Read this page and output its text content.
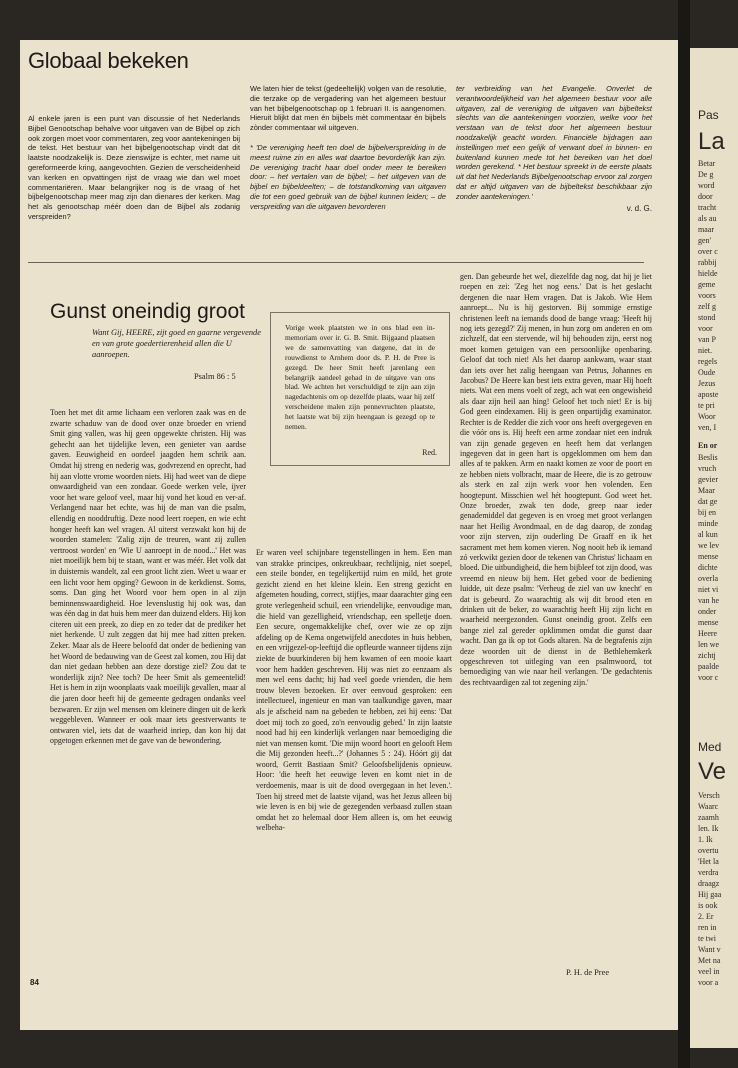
Globaal bekeken
Al enkele jaren is een punt van discussie of het Nederlands Bijbel Genootschap behalve voor uitgaven van de Bijbel op zich ook zorgen moet voor commentaren, zeg voor aantekeningen bij de tekst. Het bestuur van het bijbelgenootschap vindt dat dit laatste noodzakelijk is. Deze zienswijze is echter, met name uit gereformeerde kring, aangevochten. Gezien de verscheidenheid van kerken en opvattingen rijst de vraag wie dan wel moet commentariëren. Maar belangrijker nog is de vraag of het bijbelgenootschap meer mag zijn dan dienares der kerken. Mag het als genootschap méér doen dan de Bijbel als zodanig verspreiden?

We laten hier de tekst (gedeeltelijk) volgen van de resolutie, die terzake op de vergadering van het algemeen bestuur van het bijbelgenootschap op 1 februari II. is aangenomen. Hieruit blijkt dat men én bijbels mèt commentaar én bijbels zònder commentaar wil uitgeven.

* 'De vereniging heeft ten doel de bijbelverspreiding in de meest ruime zin en alles wat daartoe bevorderlijk kan zijn. De vereniging tracht haar doel onder meer te bereiken door: – het vertalen van de bijbel; – het uitgeven van de bijbel en bijbeldeelten; – de totstandkoming van uitgaven die tot een goed gebruik van de bijbel kunnen leiden; – de verspreiding van die uitgaven bevorderen

ter verbreiding van het Evangelie. Onverlet de verantwoordelijkheid van het algemeen bestuur voor alle uitgaven, zal de vereniging de uitgaven van bijbeltekst slechts van die aantekeningen voorzien, welke voor het verstaan van de tekst door het algemeen bestuur noodzakelijk geacht worden. Financiële bijdragen aan instellingen met een gelijk of verwant doel in binnen- en buitenland kunnen mede tot het bereiken van het doel worden gerekend. * Het bestuur spreekt in de eerste plaats uit dat het Nederlands Bijbelgenootschap ervoor zal zorgen dat er altijd uitgaven van de bijbeltekst beschikbaar zijn zonder aantekeningen.'

v. d. G.

Gunst oneindig groot
Want Gij, HEERE, zijt goed en gaarne vergevende en van grote goedertierenheid allen die U aanroepen.
Psalm 86 : 5
Vorige week plaatsten we in ons blad een in-memoriam over ir. G. B. Smit. Bijgaand plaatsen we de samenvatting van datgene, dat in de rouwdienst te Arnhem door ds. P. H. de Pree is gezegd. De heer Smit heeft jarenlang een belangrijk aandeel gehad in de uitgave van ons blad. We achten het verschuldigd te zijn aan zijn nagedachtenis om op dezelfde plaats, waar hij zelf verscheidene malen zijn pennevruchten plaatste, het laatste wat bij zijn heengaan is gezegd op te nemen.
Red.
Toen het met dit arme lichaam een verloren zaak was en de zwarte schaduw van de dood over onze broeder en vriend Smit ging vallen, was hij geen opgewekte christen. Hij was gehecht aan het tijdelijke leven, een genieter van aardse gaven. Eeuwigheid en oordeel jaagden hem schrik aan. Omdat hij streng en nederig was, godvrezend en oprecht, had hij aan vlotte vrome woorden niets. Hij had weet van de diepe onwaardigheid van een zondaar. Goede werken vele, ijver voor het ware geloof veel, maar hij vond het koud en ver-af. Verlangend naar het echte, was hij de man van die psalm, ellendig en nooddruftig. Deze nood leert roepen, en wie echt honger heeft kan wel vragen. Al uiterst verzwakt kon hij de woorden stamelen: 'Zalig zijn de treuren, want zij zullen vertroost worden' en 'Wie U aanroept in de nood...' Het was niet moeilijk hem bij te staan, want er was méér. Het volk dat in duisternis wandelt, zal een groot licht zien. Weet u waar er een licht voor hem opging? Gewoon in de kerkdienst. Soms, soms. Dan ging het Woord voor hem open in al zijn beminnenswaardigheid. Hoe levenslustig hij ook was, dan was één dag in dat huis hem meer dan duizend elders. Hij kon citeren uit een preek, zo diep en zo teder dat de prediker het niet herkende. U zult zeggen dat hij mee had zitten preken. Zeker. Maar als de Heere beloofd dat onder de bediening van het Woord de bedauwing van de Geest zal komen, zou Hij dat dan niet gedaan hebben aan deze dorstige ziel? Zou dat te wonderlijk zijn? Nee toch? De heer Smit als gemeentelid! Het is hem in zijn woonplaats vaak moeilijk gevallen, maar al die jaren door heeft hij de gemeente gedragen ondanks veel bezwaren. Er zijn wel mensen om kleinere dingen uit de kerk weggebleven. Wanneer er ook maar iets geestverwants te ontwaren viel, iets dat de waarheid inriep, dan kon hij dat opgetogen erkennen met de gave van de bewondering.
Er waren veel schijnbare tegenstellingen in hem. Een man van strakke principes, onkreukbaar, rechtlijnig, niet soepel, een steile bonder, en tegelijkertijd ruim en mild, het grote gezicht ziend en het kleine klein. Een streng gezicht en afgemeten houding, correct, stijfjes, maar daarachter ging een grote verlegenheid schuil, een vriendelijke, eenvoudige man, die hield van gezelligheid, vriendschap, een spelletje doen. Een secure, ongemakkelijke chef, over wie ze op zijn afdeling op de Kema ongetwijfeld anecdotes in huis hebben, en een vrijgezel-op-leeftijd die opfleurde wanneer tijdens zijn ziekte de buurkinderen bij hem kwamen of een mooie kaart voor hem hadden geschreven. Hij was niet zo eenzaam als men wel eens dacht; hij had veel goede vrienden, die hem trouw bleven bezoeken. Er over eenvoud gesproken: een intellectueel, ingenieur en man van taalkundige gaven, maar als je afscheid nam na gebeden te hebben, zei hij eens: 'Dat doet mij toch zo goed, zo'n eenvoudig gebed.' In zijn laatste nood had hij een kinderlijk verlangen naar bemoediging die niet van mensen komt. 'Die mijn woord hoort en gelooft Hem die Mij gezonden heeft...?' (Johannes 5 : 24). Hóórt gij dat woord, Gerrit Bastiaan Smit? Geloofsbelijdenis opnieuw. Hoor: 'die heeft het eeuwige leven en komt niet in de verdoemenis, maar is uit de dood overgegaan in het leven.'. Toen hij streed met de laatste vijand, was het Jezus alleen bij wie leven is en bij wie de gezegenden verbaasd zullen staan omdat het zo helemaal door Hem alleen is, om het eeuwig welbeha-
gen. Dan gebeurde het wel, diezelfde dag nog, dat hij je liet roepen en zei: 'Zeg het nog eens.' Dat is het geslacht dergenen die naar Hem vragen. Dat is Jakob. Wie Hem aanroept... Nu is hij gestorven. Bij sommige ernstige christenen leeft na iemands dood de bange vraag: 'Heeft hij nog iets gezegd?' Zij menen, in hun zorg om anderen en om zichzelf, dat een stervende, wil hij behouden zijn, eerst nog moet komen getuigen van een persoonlijke openbaring. Geloof dat toch niet! Als het daarop aankwam, waar staat dan iets over het zalig heengaan van Petrus, Johannes en Jacobus? De Heere kan best iets extra geven, maar Hij hoeft niets. Wat een mens voelt of zegt, ach wat een ongewisheid als daar zijn heil aan hing! Geloof het toch niet! Er is bij God geen eindexamen. Hij is geen onpartijdig examinator. Rechter is de Redder die zich voor ons heeft overgegeven en die vóór ons is. Hij heeft een arme zondaar niet een indruk van zijn genade gegeven en heeft hem dat verlangen ingegeven dat in geen hart is opgeklommen om hem dan alles af te pakken. Arm en naakt komen ze voor de poort en ze hebben niets volbracht, maar de Heere, die is zo getrouw als sterk en zal zijn werk voor hen volenden. Een hoogtepunt. Misschien wel hét hoogtepunt. God weet het. Onze broeder, zwak ten dode, greep naar ieder genademiddel dat gegeven is en vroeg met groot verlangen naar het Heilig Avondmaal, en de dag daarop, de zondag voor zijn sterven, zijn ouderling De Graaff en ik het sacrament met hem komen vieren. Nog nooit heb ik iemand zó verkwikt gezien door de tekenen van Christus' lichaam en bloed. Die uitbundigheid, die hem bijbleef tot zijn dood, was vreemd en nieuw bij hem. Het gebed voor de bediening luidde, uit deze psalm: 'Verheug de ziel van uw knecht' en dat is gebeurd. Zo waarachtig als wij dit brood eten en drinken uit de beker, zo waarachtig heeft Hij zijn licht en waarheid neergezonden. Gunst oneindig groot. Zelfs een bange ziel zal gereder opklimmen omdat die gunst daar wacht. Dan ga ik op tot Gods altaren. Na de begrafenis zijn deze woorden uit de dienst in de Bethlehemkerk opgeschreven tot uitleging van een psalmwoord, tot bemoediging van wie naar heil verlangen. 'De gedachtenis des rechtvaardigen zal tot zegening zijn.'
P. H. de Pree
84
Pas
La
Betar
De g
word
door
tracht
als au
maar
gen'
over c
rabbij
hielde
geme
voors
zelf g
stond
voor
van P
niet.
regels
Oude
Jezus
aposte
te pri
Woor
ven, I
En or
Beslis
vruch
gevier
Maar
dat ge
bij en
minde
al kun
we lev
mense
dichte
overla
niet vi
van he
onder
mense
Heere
len we
zichtj
paalde
voor c
Med
Ve
Versch
Waarc
zaamh
len. Ik
1. Ik
overtu
'Het la
verdra
draagz
Hij gaa
is ook
2. Er
ren in
te twi
Want v
Met na
veel in
voor a
